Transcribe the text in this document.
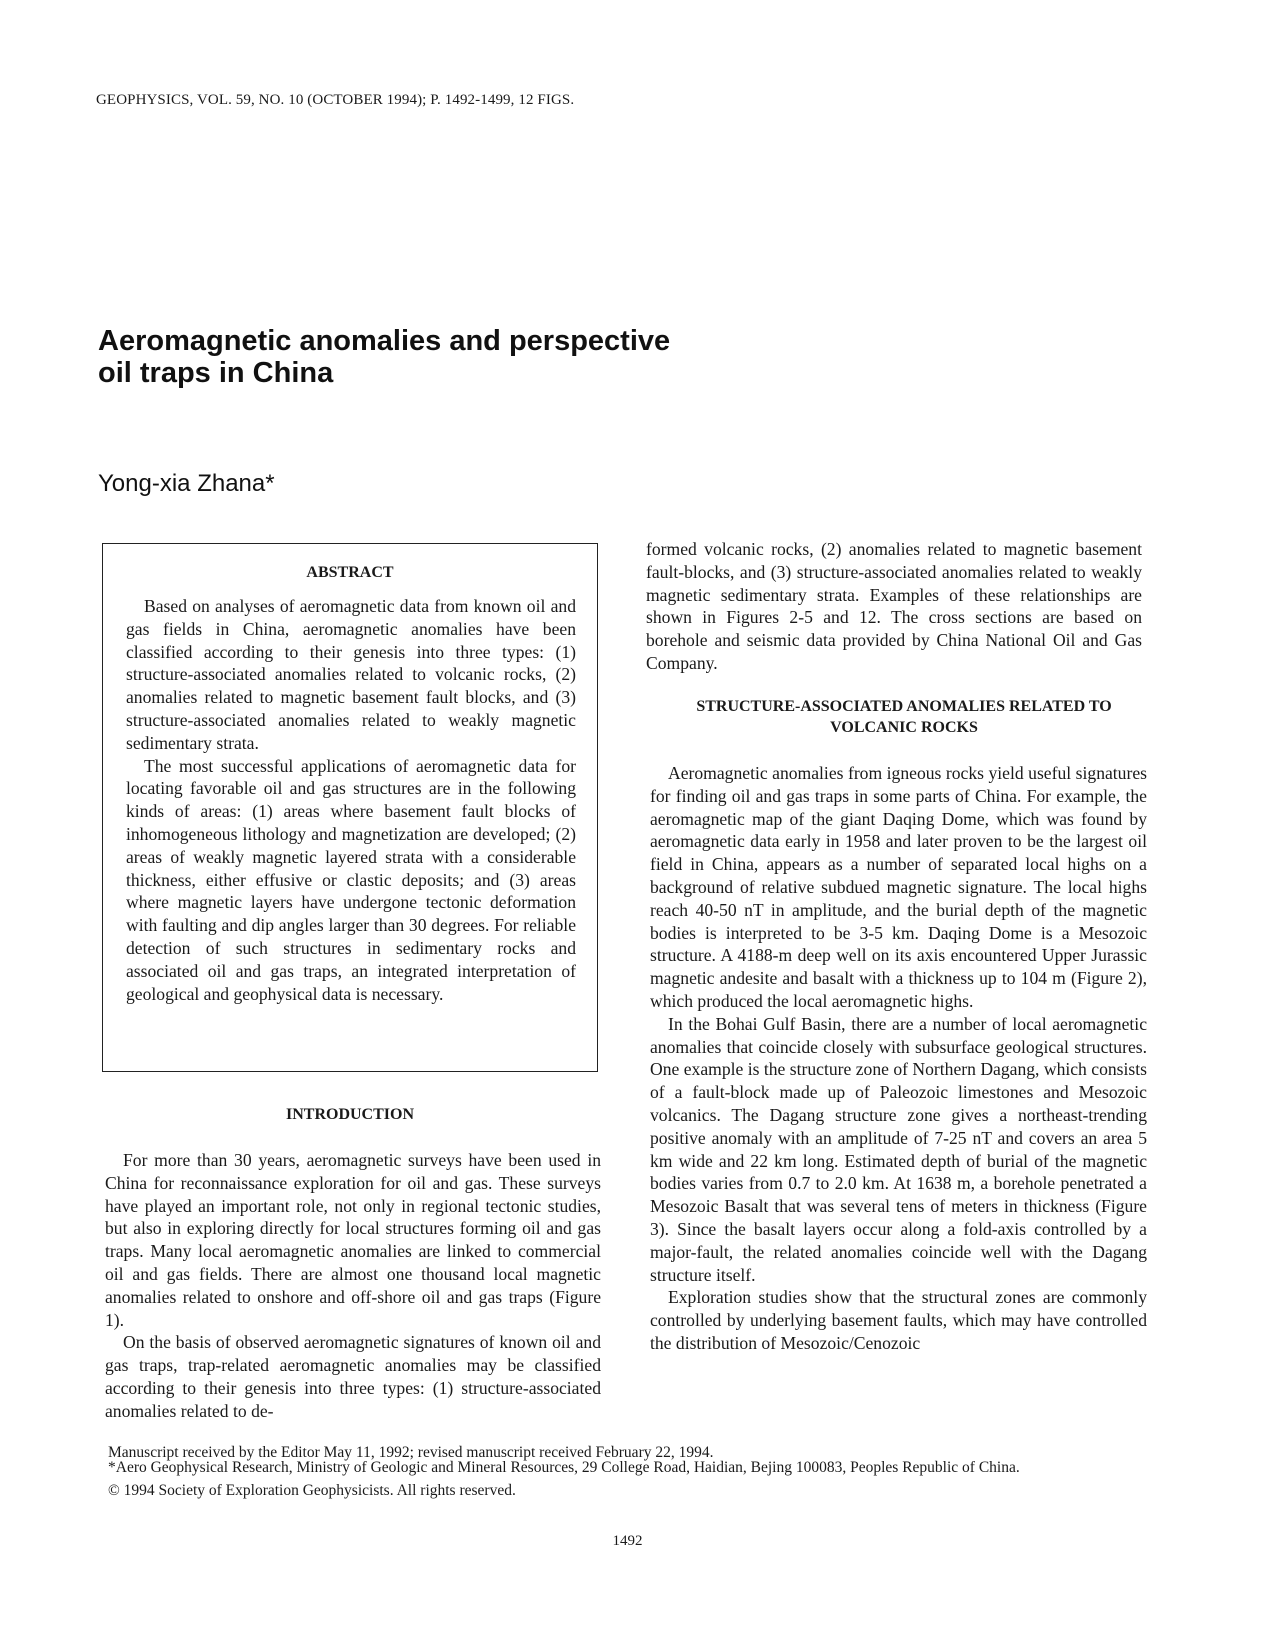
GEOPHYSICS, VOL. 59, NO. 10 (OCTOBER 1994); P. 1492-1499, 12 FIGS.
Aeromagnetic anomalies and perspective
oil traps in China
Yong-xia Zhana*
ABSTRACT

Based on analyses of aeromagnetic data from known oil and gas fields in China, aeromagnetic anomalies have been classified according to their genesis into three types: (1) structure-associated anomalies related to volcanic rocks, (2) anomalies related to magnetic basement fault blocks, and (3) structure-associated anomalies related to weakly magnetic sedimentary strata.

The most successful applications of aeromagnetic data for locating favorable oil and gas structures are in the following kinds of areas: (1) areas where basement fault blocks of inhomogeneous lithology and magnetization are developed; (2) areas of weakly magnetic layered strata with a considerable thickness, either effusive or clastic deposits; and (3) areas where magnetic layers have undergone tectonic deformation with faulting and dip angles larger than 30 degrees. For reliable detection of such structures in sedimentary rocks and associated oil and gas traps, an integrated interpretation of geological and geophysical data is necessary.

INTRODUCTION

For more than 30 years, aeromagnetic surveys have been used in China for reconnaissance exploration for oil and gas. These surveys have played an important role, not only in regional tectonic studies, but also in exploring directly for local structures forming oil and gas traps. Many local aeromagnetic anomalies are linked to commercial oil and gas fields. There are almost one thousand local magnetic anomalies related to onshore and off-shore oil and gas traps (Figure 1).

On the basis of observed aeromagnetic signatures of known oil and gas traps, trap-related aeromagnetic anomalies may be classified according to their genesis into three types: (1) structure-associated anomalies related to de-

formed volcanic rocks, (2) anomalies related to magnetic basement fault-blocks, and (3) structure-associated anomalies related to weakly magnetic sedimentary strata. Examples of these relationships are shown in Figures 2-5 and 12. The cross sections are based on borehole and seismic data provided by China National Oil and Gas Company.

STRUCTURE-ASSOCIATED ANOMALIES RELATED TO
VOLCANIC ROCKS

Aeromagnetic anomalies from igneous rocks yield useful signatures for finding oil and gas traps in some parts of China. For example, the aeromagnetic map of the giant Daqing Dome, which was found by aeromagnetic data early in 1958 and later proven to be the largest oil field in China, appears as a number of separated local highs on a background of relative subdued magnetic signature. The local highs reach 40-50 nT in amplitude, and the burial depth of the magnetic bodies is interpreted to be 3-5 km. Daqing Dome is a Mesozoic structure. A 4188-m deep well on its axis encountered Upper Jurassic magnetic andesite and basalt with a thickness up to 104 m (Figure 2), which produced the local aeromagnetic highs.

In the Bohai Gulf Basin, there are a number of local aeromagnetic anomalies that coincide closely with subsurface geological structures. One example is the structure zone of Northern Dagang, which consists of a fault-block made up of Paleozoic limestones and Mesozoic volcanics. The Dagang structure zone gives a northeast-trending positive anomaly with an amplitude of 7-25 nT and covers an area 5 km wide and 22 km long. Estimated depth of burial of the magnetic bodies varies from 0.7 to 2.0 km. At 1638 m, a borehole penetrated a Mesozoic Basalt that was several tens of meters in thickness (Figure 3). Since the basalt layers occur along a fold-axis controlled by a major-fault, the related anomalies coincide well with the Dagang structure itself.

Exploration studies show that the structural zones are commonly controlled by underlying basement faults, which may have controlled the distribution of Mesozoic/Cenozoic

Manuscript received by the Editor May 11, 1992; revised manuscript received February 22, 1994.
*Aero Geophysical Research, Ministry of Geologic and Mineral Resources, 29 College Road, Haidian, Bejing 100083, Peoples Republic of China.
© 1994 Society of Exploration Geophysicists. All rights reserved.
1492
